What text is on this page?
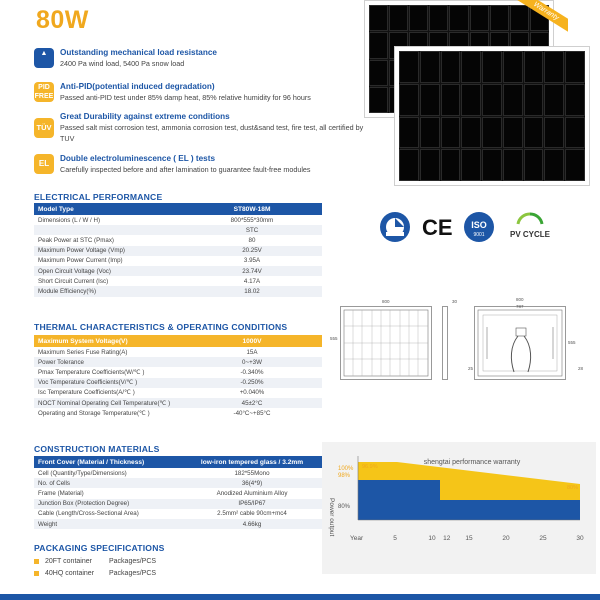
80W
▲	Outstanding mechanical load resistance
2400 Pa wind load, 5400 Pa snow load
PID FREE
Anti-PID(potential induced degradation)
Passed anti-PID test under 85% damp heat, 85% relative humidity for 96 hours
TÜV
Great Durability against extreme conditions
Passed salt mist corrosion test, ammonia corrosion test, dust&sand test, fire test, all certified by TUV
EL
Double electroluminescence ( EL ) tests
Carefully inspected before and after lamination to guarantee fault-free modules
Warranty
ELECTRICAL PERFORMANCE
Model Type	ST80W-18M
Dimensions (L / W / H)	800*555*30mm
	STC
Peak Power at STC (Pmax)	80
Maximum Power Voltage (Vmp)	20.25V
Maximum Power Current (Imp)	3.95A
Open Circuit Voltage (Voc)	23.74V
Short Circuit Current (Isc)	4.17A
Module Efficiency(%)	18.02
CE ISO
9001	PV CYCLE
800
555
30	800
787
555
25	28
THERMAL CHARACTERISTICS & OPERATING CONDITIONS
Maximum System Voltage(V)	1000V
Maximum Series Fuse Rating(A)	15A
Power Tolerance	0~+3W
Pmax Temperature Coefficients(W/℃ )	-0.340%
Voc Temperature Coefficients(V/℃ )	-0.250%
Isc Temperature Coefficients(A/℃ )	+0.040%
NOCT Nominal Operating Cell Temperature(℃ )	45±2°C
Operating and Storage Temperature(℃ )	-40°C~+85°C
CONSTRUCTION MATERIALS
Front Cover (Material / Thickness)	low-iron tempered glass / 3.2mm
Cell (Quantity/Type/Dimensions)	182*55Mono
No. of Cells	36(4*9)
Frame (Material)	Anodized Aluminium Alloy
Junction Box (Protection Degree)	IP65/IP67
Cable (Length/Cross-Sectional Area)	2.5mm² cable 90cm+mc4
Weight	4.66kg
shengtai performance warranty
Power output
100%
98%
80%
96.9%
80%
Year	5	10 12 15	20	25	30
PACKAGING SPECIFICATIONS
20FT container Packages/PCS
40HQ container Packages/PCS
